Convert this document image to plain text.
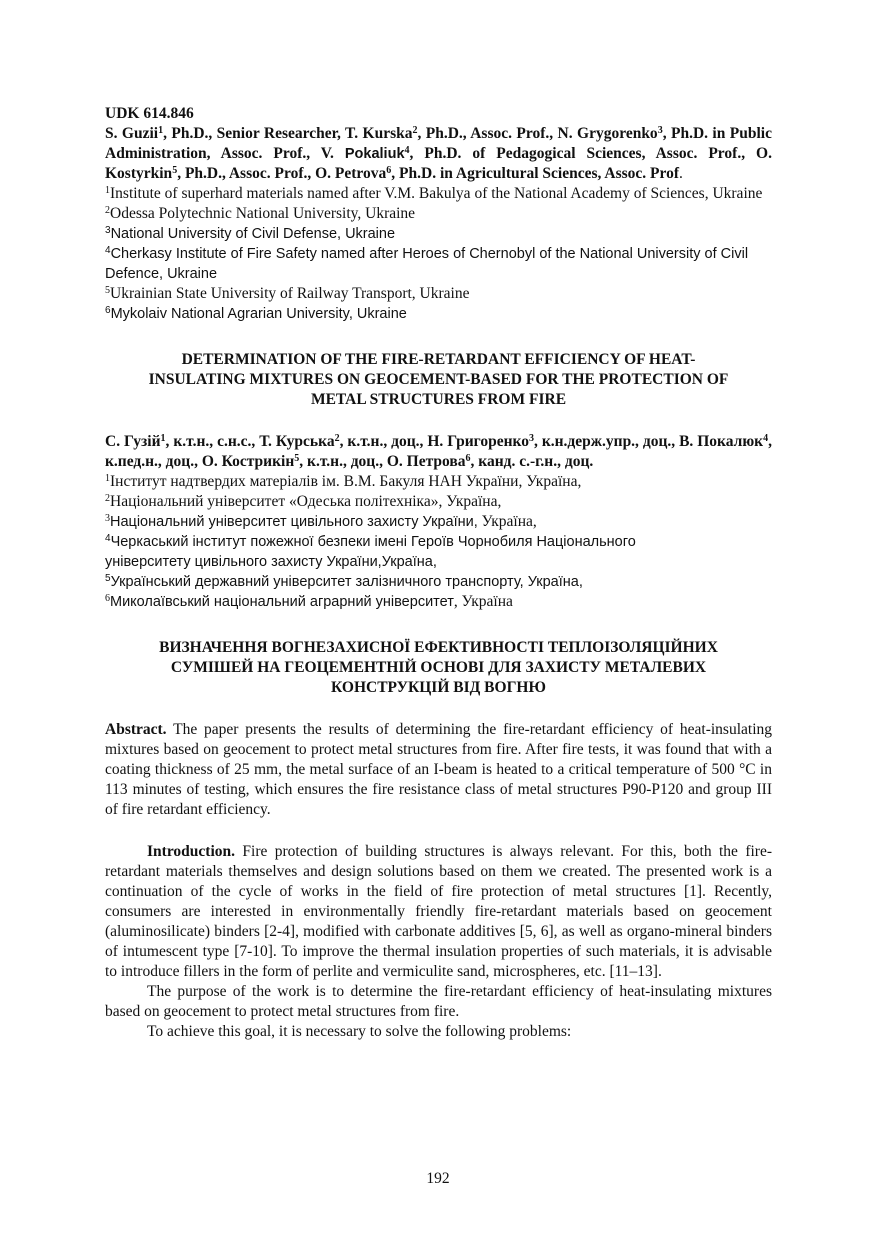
UDK 614.846

S. Guzii$^1$, Ph.D., Senior Researcher, T. Kurska$^2$, Ph.D., Assoc. Prof., N. Grygorenko$^3$, Ph.D. in Public Administration, Assoc. Prof., V. Pokaliuk$^4$, Ph.D. of Pedagogical Sciences, Assoc. Prof., O. Kostyrkin$^5$, Ph.D., Assoc. Prof., O. Petrova$^6$, Ph.D. in Agricultural Sciences, Assoc. Prof.

$^1$Institute of superhard materials named after V.M. Bakulya of the National Academy of Sciences, Ukraine

$^2$Odessa Polytechnic National University, Ukraine

$^3$National University of Civil Defense, Ukraine

$^4$Cherkasy Institute of Fire Safety named after Heroes of Chernobyl of the National University of Civil Defence, Ukraine

$^5$Ukrainian State University of Railway Transport, Ukraine

$^6$Mykolaiv National Agrarian University, Ukraine

DETERMINATION OF THE FIRE-RETARDANT EFFICIENCY OF HEAT-

INSULATING MIXTURES ON GEOCEMENT-BASED FOR THE PROTECTION OF

METAL STRUCTURES FROM FIRE

С. Гузій$^1$, к.т.н., с.н.с., Т. Курська$^2$, к.т.н., доц., Н. Григоренко$^3$, к.н.держ.упр., доц., В. Покалюк$^4$, к.пед.н., доц., О. Кострикін$^5$, к.т.н., доц., О. Петрова$^6$, канд. с.-г.н., доц.

$^1$Інститут надтвердих матеріалів ім. В.М. Бакуля НАН України, Україна,

$^2$Національний університет «Одеська політехніка», Україна,

$^3$Національний університет цивільного захисту України, Україна,

$^4$Черкаський інститут пожежної безпеки імені Героїв Чорнобиля Національного університету цивільного захисту України,Україна,

$^5$Український державний університет залізничного транспорту, Україна,

$^6$Миколаївський національний аграрний університет, Україна

ВИЗНАЧЕННЯ ВОГНЕЗАХИСНОЇ ЕФЕКТИВНОСТІ ТЕПЛОІЗОЛЯЦІЙНИХ

СУМІШЕЙ НА ГЕОЦЕМЕНТНІЙ ОСНОВІ ДЛЯ ЗАХИСТУ МЕТАЛЕВИХ

КОНСТРУКЦІЙ ВІД ВОГНЮ

Abstract. The paper presents the results of determining the fire-retardant efficiency of heat-insulating mixtures based on geocement to protect metal structures from fire. After fire tests, it was found that with a coating thickness of 25 mm, the metal surface of an I-beam is heated to a critical temperature of 500 °C in 113 minutes of testing, which ensures the fire resistance class of metal structures P90-P120 and group III of fire retardant efficiency.

Introduction. Fire protection of building structures is always relevant. For this, both the fire-retardant materials themselves and design solutions based on them we created. The presented work is a continuation of the cycle of works in the field of fire protection of metal structures [1]. Recently, consumers are interested in environmentally friendly fire-retardant materials based on geocement (aluminosilicate) binders [2-4], modified with carbonate additives [5, 6], as well as organo-mineral binders of intumescent type [7-10]. To improve the thermal insulation properties of such materials, it is advisable to introduce fillers in the form of perlite and vermiculite sand, microspheres, etc. [11–13].

The purpose of the work is to determine the fire-retardant efficiency of heat-insulating mixtures based on geocement to protect metal structures from fire.

To achieve this goal, it is necessary to solve the following problems:

192
